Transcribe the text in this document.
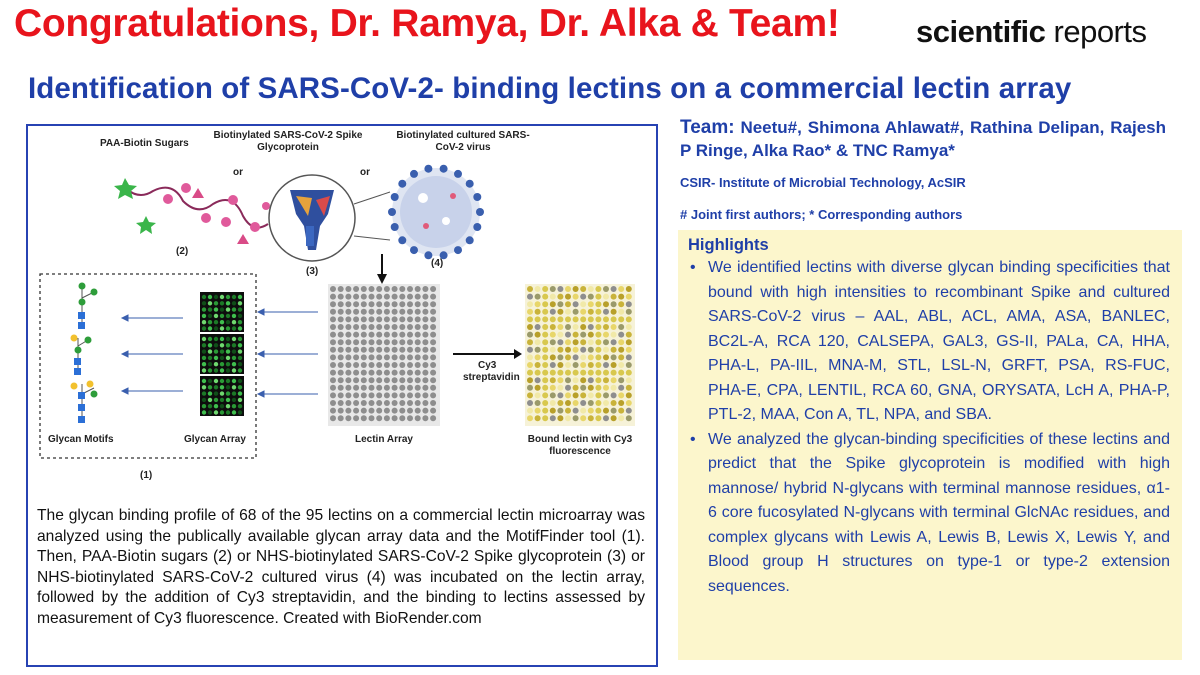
Congratulations, Dr. Ramya, Dr. Alka & Team! scientific reports
Identification of SARS-CoV-2- binding lectins on a commercial lectin array
PAA-Biotin Sugars
Biotinylated SARS-CoV-2 Spike
Glycoprotein
Biotinylated cultured SARS-
CoV-2 virus
or	or
(2)
(3)
(4)
Cy3
streptavidin
Glycan Motifs	Glycan Array
(1)
Lectin Array	Bound lectin with Cy3
fluorescence
The glycan binding profile of 68 of the 95 lectins on a commercial lectin microarray was analyzed using the publically available glycan array data and the MotifFinder tool (1). Then, PAA-Biotin sugars (2) or NHS-biotinylated SARS-CoV-2 Spike glycoprotein (3) or NHS-biotinylated SARS-CoV-2 cultured virus (4) was incubated on the lectin array, followed by the addition of Cy3 streptavidin, and the binding to lectins assessed by measurement of Cy3 fluorescence. Created with BioRender.com
Team: Neetu#, Shimona Ahlawat#, Rathina Delipan, Rajesh P Ringe, Alka Rao* & TNC Ramya*
CSIR- Institute of Microbial Technology, AcSIR
# Joint first authors; * Corresponding authors
Highlights
• We identified lectins with diverse glycan binding specificities that bound with high intensities to recombinant Spike and cultured SARS-CoV-2 virus – AAL, ABL, ACL, AMA, ASA, BANLEC, BC2L-A, RCA 120, CALSEPA, GAL3, GS-II, PALa, CA, HHA, PHA-L, PA-IIL, MNA-M, STL, LSL-N, GRFT, PSA, RS-FUC, PHA-E, CPA, LENTIL, RCA 60, GNA, ORYSATA, LcH A, PHA-P, PTL-2, MAA, Con A, TL, NPA, and SBA.
• We analyzed the glycan-binding specificities of these lectins and predict that the Spike glycoprotein is modified with high mannose/ hybrid N-glycans with terminal mannose residues, α1-6 core fucosylated N-glycans with terminal GlcNAc residues, and complex glycans with Lewis A, Lewis B, Lewis X, Lewis Y, and Blood group H structures on type-1 or type-2 extension sequences.
